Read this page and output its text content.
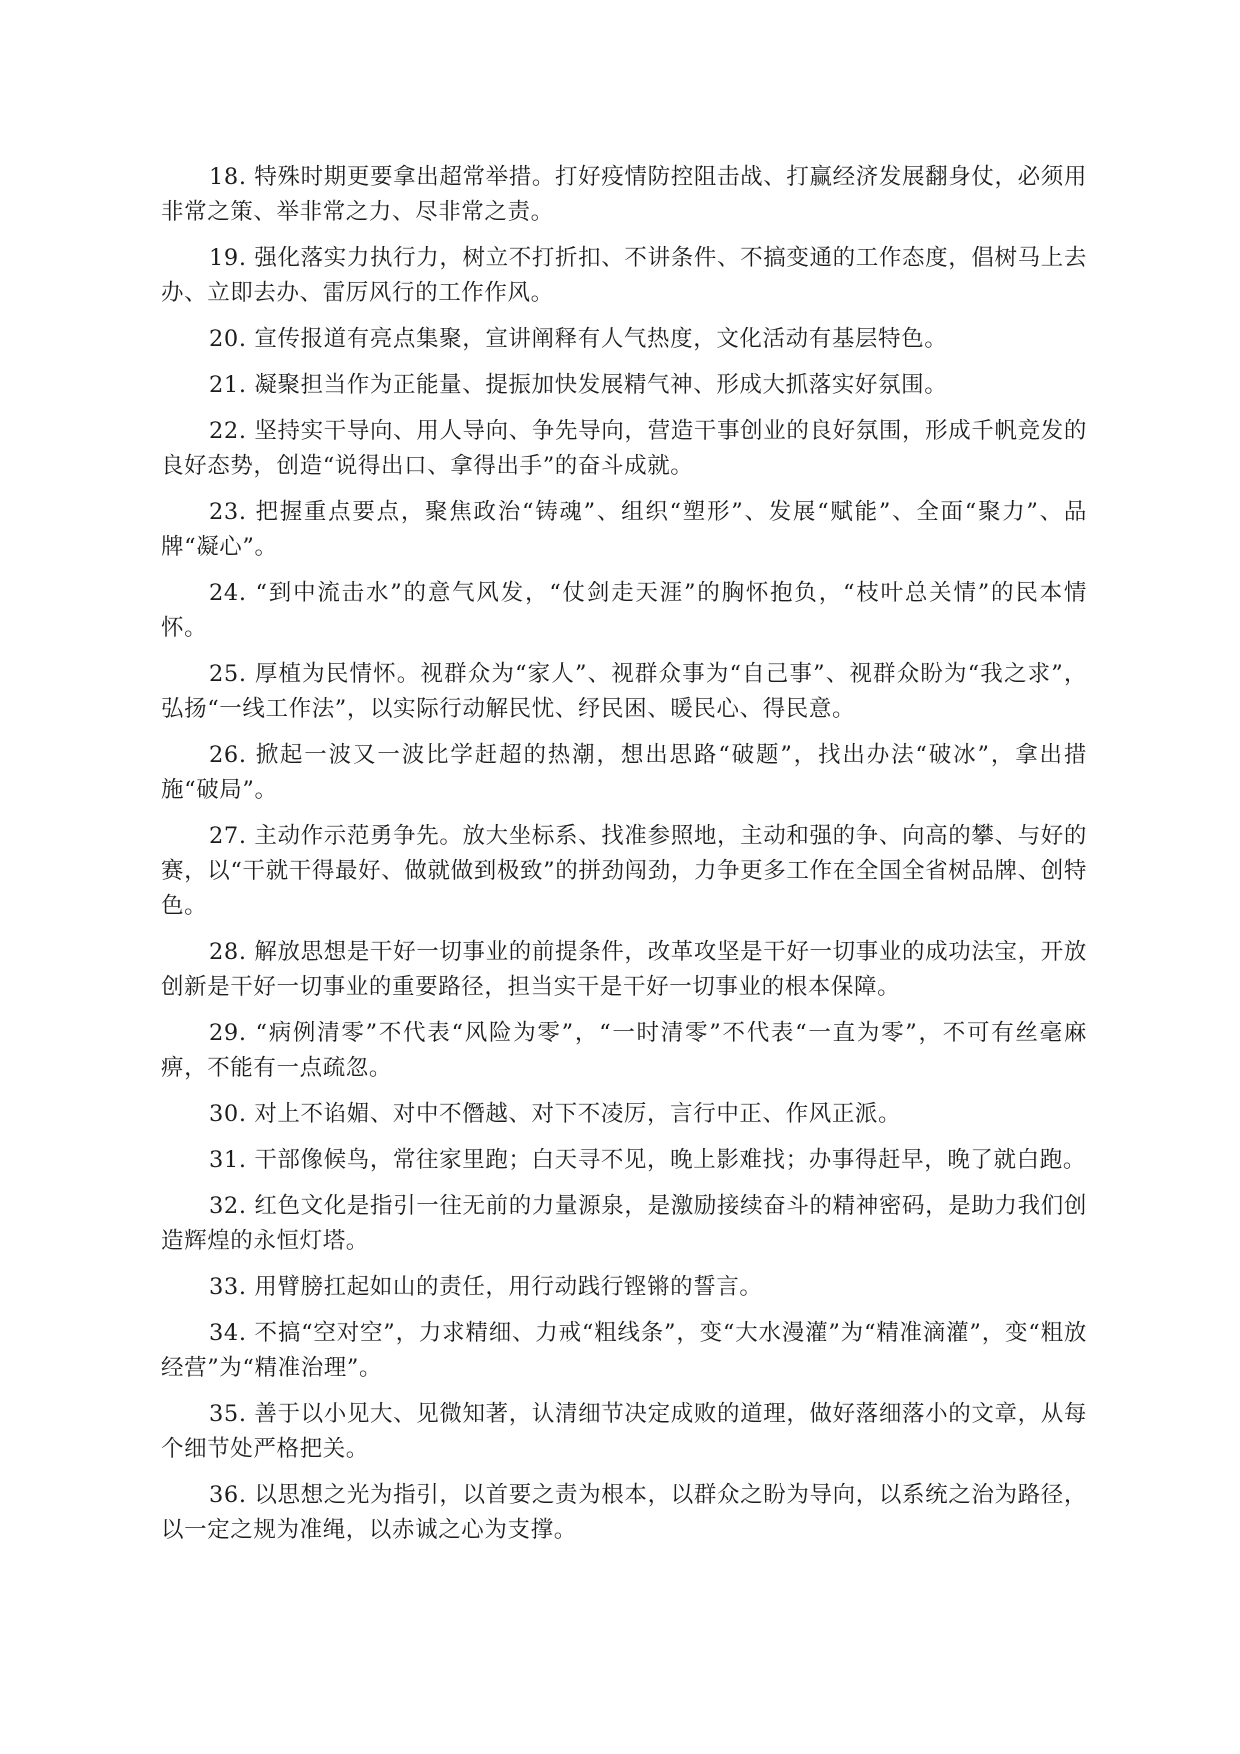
18. 特殊时期更要拿出超常举措。打好疫情防控阻击战、打赢经济发展翻身仗，必须用非常之策、举非常之力、尽非常之责。

19. 强化落实力执行力，树立不打折扣、不讲条件、不搞变通的工作态度，倡树马上去办、立即去办、雷厉风行的工作作风。

20. 宣传报道有亮点集聚，宣讲阐释有人气热度，文化活动有基层特色。

21. 凝聚担当作为正能量、提振加快发展精气神、形成大抓落实好氛围。

22. 坚持实干导向、用人导向、争先导向，营造干事创业的良好氛围，形成千帆竞发的良好态势，创造“说得出口、拿得出手”的奋斗成就。

23. 把握重点要点，聚焦政治“铸魂”、组织“塑形”、发展“赋能”、全面“聚力”、品牌“凝心”。

24. “到中流击水”的意气风发，“仗剑走天涯”的胸怀抱负，“枝叶总关情”的民本情怀。

25. 厚植为民情怀。视群众为“家人”、视群众事为“自己事”、视群众盼为“我之求”，弘扬“一线工作法”，以实际行动解民忧、纾民困、暖民心、得民意。

26. 掀起一波又一波比学赶超的热潮，想出思路“破题”，找出办法“破冰”，拿出措施“破局”。

27. 主动作示范勇争先。放大坐标系、找准参照地，主动和强的争、向高的攀、与好的赛，以“干就干得最好、做就做到极致”的拼劲闯劲，力争更多工作在全国全省树品牌、创特色。

28. 解放思想是干好一切事业的前提条件，改革攻坚是干好一切事业的成功法宝，开放创新是干好一切事业的重要路径，担当实干是干好一切事业的根本保障。

29. “病例清零”不代表“风险为零”，“一时清零”不代表“一直为零”，不可有丝毫麻痹，不能有一点疏忽。

30. 对上不谄媚、对中不僭越、对下不凌厉，言行中正、作风正派。

31. 干部像候鸟，常往家里跑；白天寻不见，晚上影难找；办事得赶早，晚了就白跑。

32. 红色文化是指引一往无前的力量源泉，是激励接续奋斗的精神密码，是助力我们创造辉煌的永恒灯塔。

33. 用臂膀扛起如山的责任，用行动践行铿锵的誓言。

34. 不搞“空对空”，力求精细、力戒“粗线条”，变“大水漫灌”为“精准滴灌”，变“粗放经营”为“精准治理”。

35. 善于以小见大、见微知著，认清细节决定成败的道理，做好落细落小的文章，从每个细节处严格把关。

36. 以思想之光为指引，以首要之责为根本，以群众之盼为导向，以系统之治为路径，以一定之规为准绳，以赤诚之心为支撑。
